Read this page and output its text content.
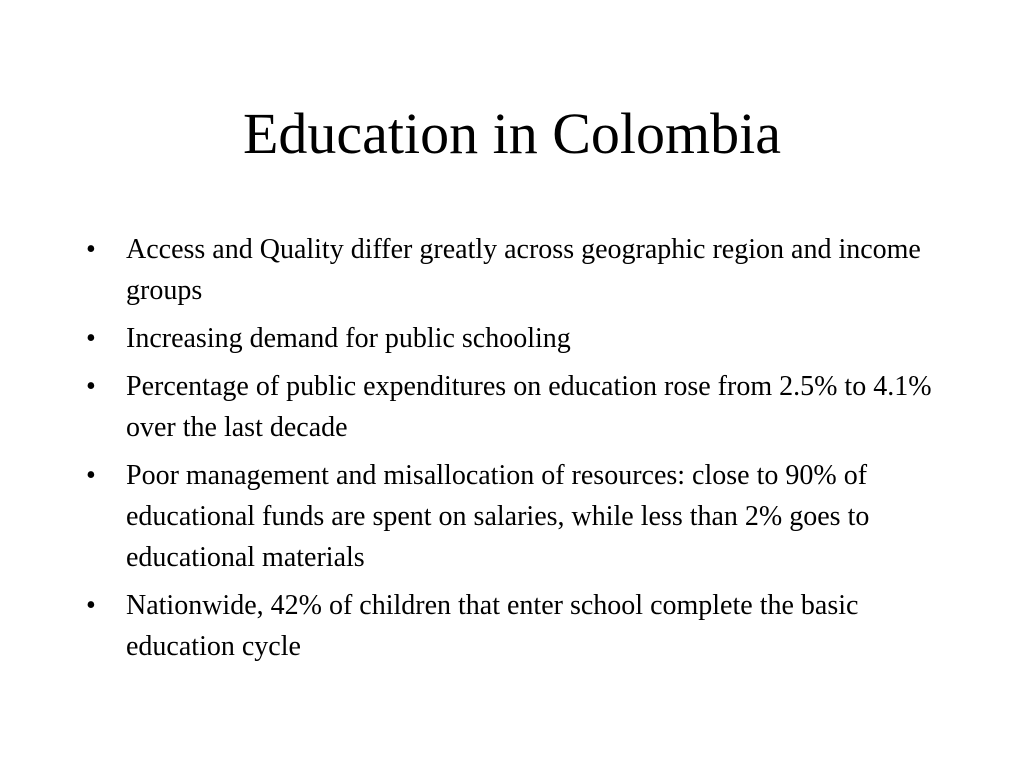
Education in Colombia
•	Access and Quality differ greatly across geographic region and income groups
•	Increasing demand for public schooling
•	Percentage of public expenditures on education rose from 2.5% to 4.1% over the last decade
•	Poor management and misallocation of resources: close to 90% of educational funds are spent on salaries, while less than 2% goes to educational materials
•	Nationwide, 42% of children that enter school complete the basic education cycle
